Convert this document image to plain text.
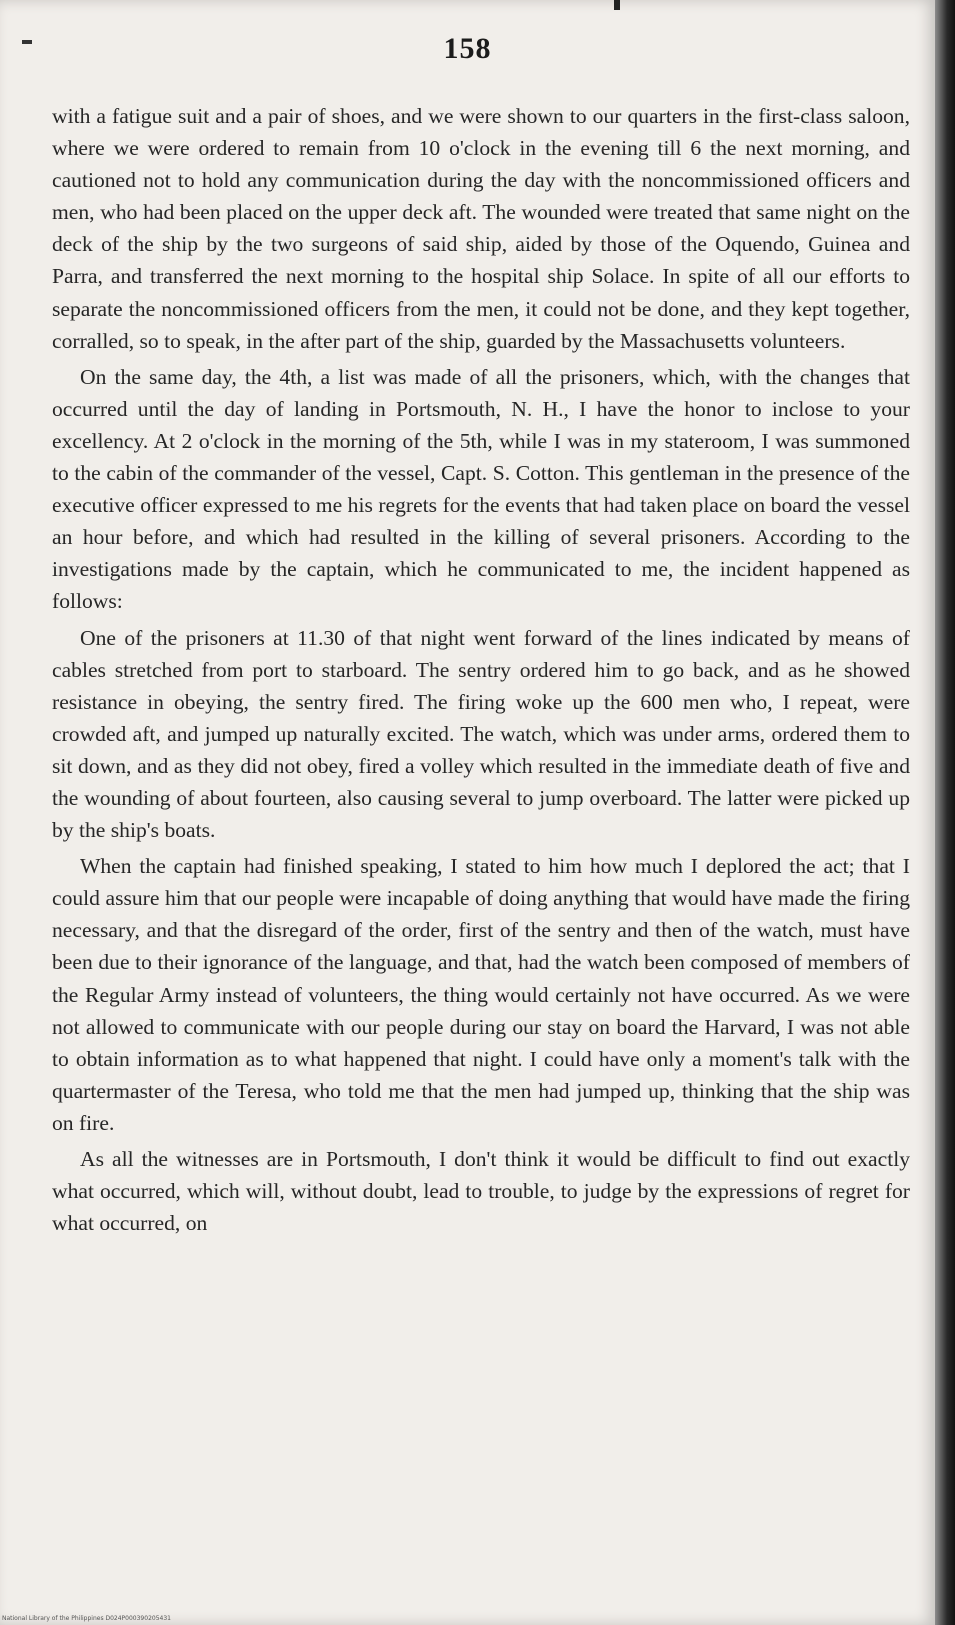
158

with a fatigue suit and a pair of shoes, and we were shown to our quarters in the first-class saloon, where we were ordered to remain from 10 o'clock in the evening till 6 the next morning, and cautioned not to hold any communication during the day with the noncommissioned officers and men, who had been placed on the upper deck aft. The wounded were treated that same night on the deck of the ship by the two surgeons of said ship, aided by those of the Oquendo, Guinea and Parra, and transferred the next morning to the hospital ship Solace. In spite of all our efforts to separate the noncommissioned officers from the men, it could not be done, and they kept together, corralled, so to speak, in the after part of the ship, guarded by the Massachusetts volunteers.

On the same day, the 4th, a list was made of all the prisoners, which, with the changes that occurred until the day of landing in Portsmouth, N. H., I have the honor to inclose to your excellency. At 2 o'clock in the morning of the 5th, while I was in my stateroom, I was summoned to the cabin of the commander of the vessel, Capt. S. Cotton. This gentleman in the presence of the executive officer expressed to me his regrets for the events that had taken place on board the vessel an hour before, and which had resulted in the killing of several prisoners. According to the investigations made by the captain, which he communicated to me, the incident happened as follows:

One of the prisoners at 11.30 of that night went forward of the lines indicated by means of cables stretched from port to starboard. The sentry ordered him to go back, and as he showed resistance in obeying, the sentry fired. The firing woke up the 600 men who, I repeat, were crowded aft, and jumped up naturally excited. The watch, which was under arms, ordered them to sit down, and as they did not obey, fired a volley which resulted in the immediate death of five and the wounding of about fourteen, also causing several to jump overboard. The latter were picked up by the ship's boats.

When the captain had finished speaking, I stated to him how much I deplored the act; that I could assure him that our people were incapable of doing anything that would have made the firing necessary, and that the disregard of the order, first of the sentry and then of the watch, must have been due to their ignorance of the language, and that, had the watch been composed of members of the Regular Army instead of volunteers, the thing would certainly not have occurred. As we were not allowed to communicate with our people during our stay on board the Harvard, I was not able to obtain information as to what happened that night. I could have only a moment's talk with the quartermaster of the Teresa, who told me that the men had jumped up, thinking that the ship was on fire.

As all the witnesses are in Portsmouth, I don't think it would be difficult to find out exactly what occurred, which will, without doubt, lead to trouble, to judge by the expressions of regret for what occurred, on

National Library of the Philippines D024P000390205431
